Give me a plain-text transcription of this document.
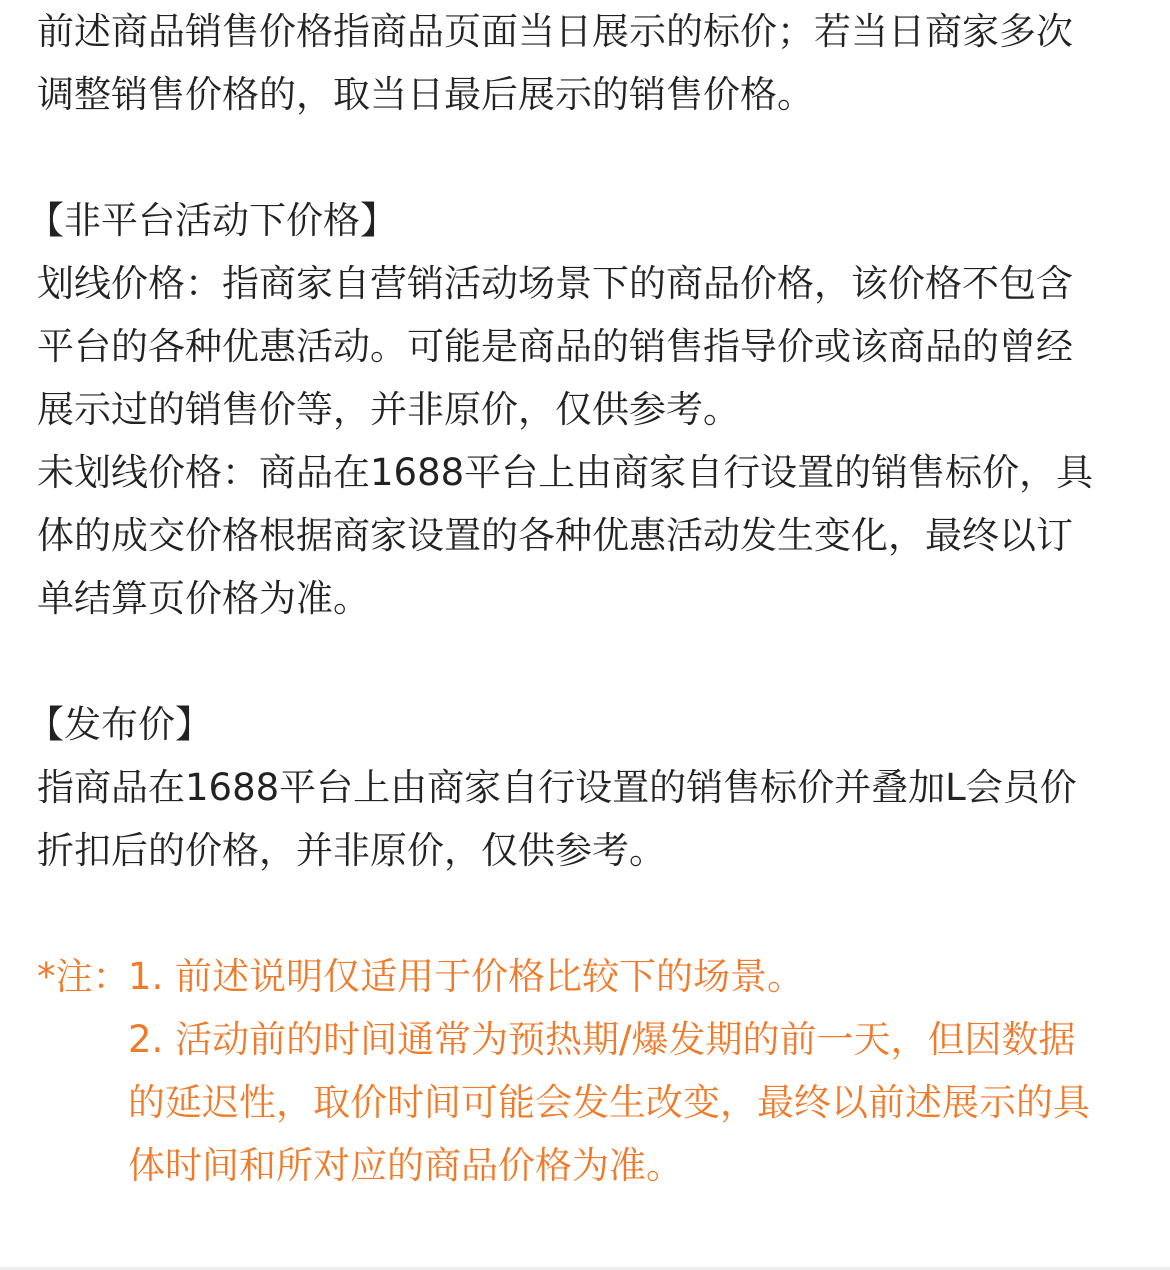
前述商品销售价格指商品页面当日展示的标价；若当日商家多次
调整销售价格的，取当日最后展示的销售价格。
【非平台活动下价格】
划线价格：指商家自营销活动场景下的商品价格，该价格不包含
平台的各种优惠活动。可能是商品的销售指导价或该商品的曾经
展示过的销售价等，并非原价，仅供参考。
未划线价格：商品在1688平台上由商家自行设置的销售标价，具
体的成交价格根据商家设置的各种优惠活动发生变化，最终以订
单结算页价格为准。
【发布价】
指商品在1688平台上由商家自行设置的销售标价并叠加L会员价
折扣后的价格，并非原价，仅供参考。
*注：
1. 前述说明仅适用于价格比较下的场景。
2. 活动前的时间通常为预热期/爆发期的前一天，但因数据
的延迟性，取价时间可能会发生改变，最终以前述展示的具
体时间和所对应的商品价格为准。
